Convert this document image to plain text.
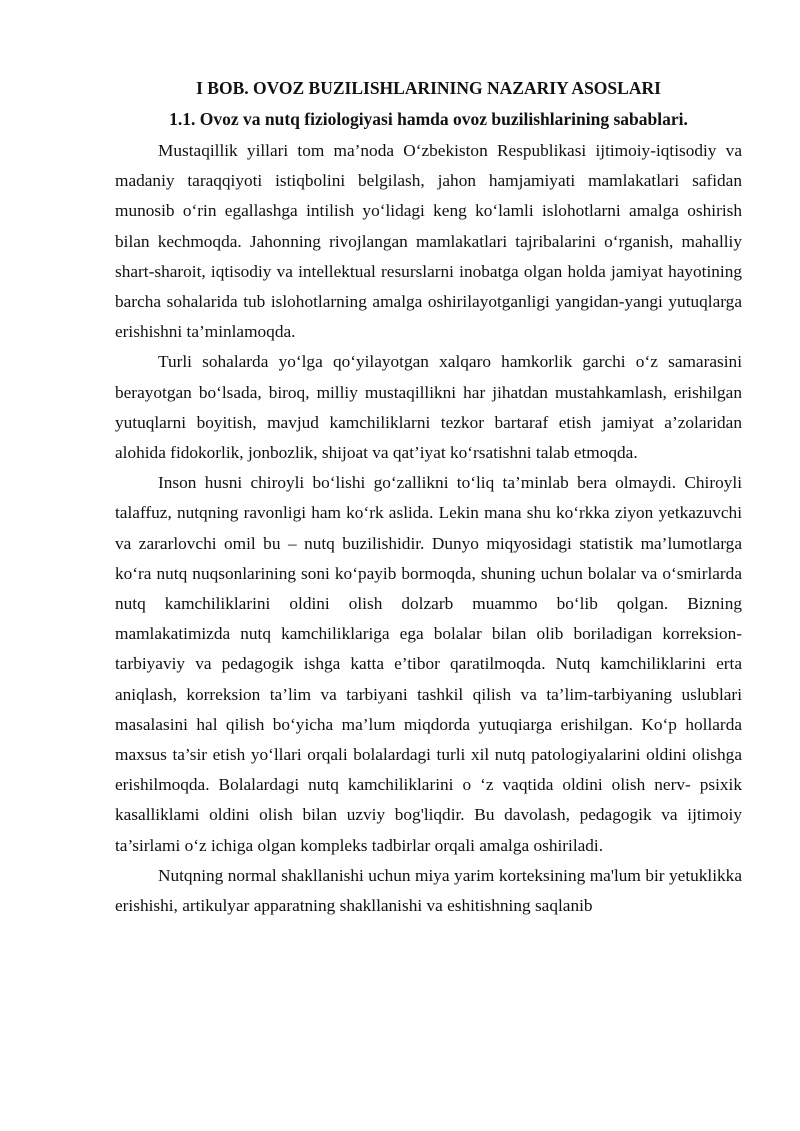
I BOB. OVOZ BUZILISHLARINING NAZARIY ASOSLARI
1.1. Ovoz va nutq fiziologiyasi hamda ovoz buzilishlarining sabablari.

Mustaqillik yillari tom ma’noda O‘zbekiston Respublikasi ijtimoiy-iqtisodiy va madaniy taraqqiyoti istiqbolini belgilash, jahon hamjamiyati mamlakatlari safidan munosib o‘rin egallashga intilish yo‘lidagi keng ko‘lamli islohotlarni amalga oshirish bilan kechmoqda. Jahonning rivojlangan mamlakatlari tajribalarini o‘rganish, mahalliy shart-sharoit, iqtisodiy va intellektual resurslarni inobatga olgan holda jamiyat hayotining barcha sohalarida tub islohotlarning amalga oshirilayotganligi yangidan-yangi yutuqlarga erishishni ta’minlamoqda.

Turli sohalarda yo‘lga qo‘yilayotgan xalqaro hamkorlik garchi o‘z samarasini berayotgan bo‘lsada, biroq, milliy mustaqillikni har jihatdan mustahkamlash, erishilgan yutuqlarni boyitish, mavjud kamchiliklarni tezkor bartaraf etish jamiyat a’zolaridan alohida fidokorlik, jonbozlik, shijoat va qat’iyat ko‘rsatishni talab etmoqda.

Inson husni chiroyli bo‘lishi go‘zallikni to‘liq ta’minlab bera olmaydi. Chiroyli talaffuz, nutqning ravonligi ham ko‘rk aslida. Lekin mana shu ko‘rkka ziyon yetkazuvchi va zararlovchi omil bu – nutq buzilishidir. Dunyo miqyosidagi statistik ma’lumotlarga ko‘ra nutq nuqsonlarining soni ko‘payib bormoqda, shuning uchun bolalar va o‘smirlarda nutq kamchiliklarini oldini olish dolzarb muammo bo‘lib qolgan. Bizning mamlakatimizda nutq kamchiliklariga ega bolalar bilan olib boriladigan korreksion-tarbiyaviy va pedagogik ishga katta e’tibor qaratilmoqda. Nutq kamchiliklarini erta aniqlash, korreksion ta’lim va tarbiyani tashkil qilish va ta’lim-tarbiyaning uslublari masalasini hal qilish bo‘yicha ma’lum miqdorda yutuqiarga erishilgan. Ko‘p hollarda maxsus ta’sir etish yo‘llari orqali bolalardagi turli xil nutq patologiyalarini oldini olishga erishilmoqda. Bolalardagi nutq kamchiliklarini o ‘z vaqtida oldini olish nerv- psixik kasalliklami oldini olish bilan uzviy bog'liqdir. Bu davolash, pedagogik va ijtimoiy ta’sirlami o‘z ichiga olgan kompleks tadbirlar orqali amalga oshiriladi.

Nutqning normal shakllanishi uchun miya yarim korteksining ma'lum bir yetuklikka erishishi, artikulyar apparatning shakllanishi va eshitishning saqlanib
